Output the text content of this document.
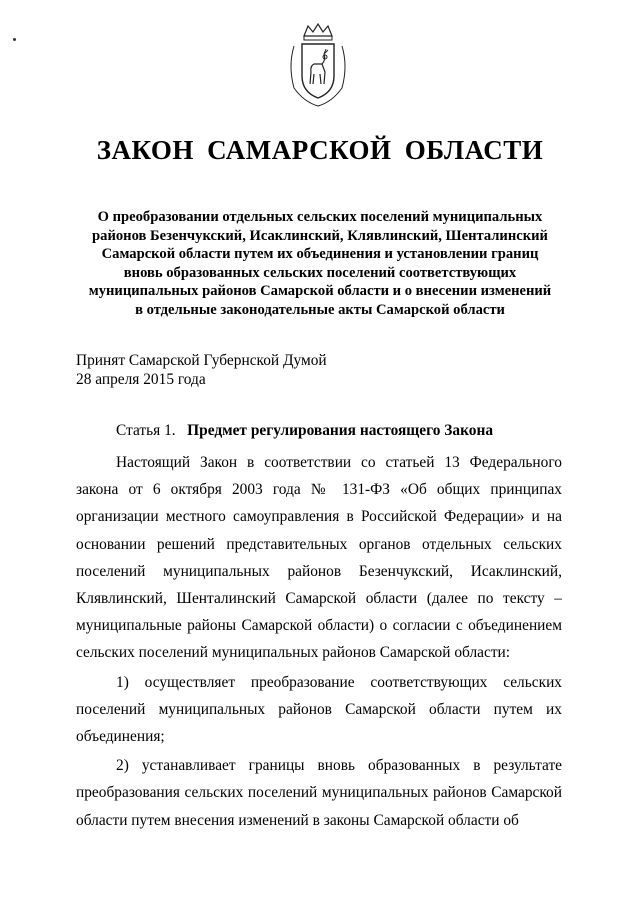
ЗАКОН САМАРСКОЙ ОБЛАСТИ
О преобразовании отдельных сельских поселений муниципальных
районов Безенчукский, Исаклинский, Клявлинский, Шенталинский
Самарской области путем их объединения и установлении границ
вновь образованных сельских поселений соответствующих
муниципальных районов Самарской области и о внесении изменений
в отдельные законодательные акты Самарской области
Принят Самарской Губернской Думой
28 апреля 2015 года
Статья 1. Предмет регулирования настоящего Закона

Настоящий Закон в соответствии со статьей 13 Федерального закона от 6 октября 2003 года № 131-ФЗ «Об общих принципах организации местного самоуправления в Российской Федерации» и на основании решений представительных органов отдельных сельских поселений муниципальных районов Безенчукский, Исаклинский, Клявлинский, Шенталинский Самарской области (далее по тексту – муниципальные районы Самарской области) о согласии с объединением сельских поселений муниципальных районов Самарской области:

1) осуществляет преобразование соответствующих сельских поселений муниципальных районов Самарской области путем их объединения;

2) устанавливает границы вновь образованных в результате преобразования сельских поселений муниципальных районов Самарской области путем внесения изменений в законы Самарской области об
